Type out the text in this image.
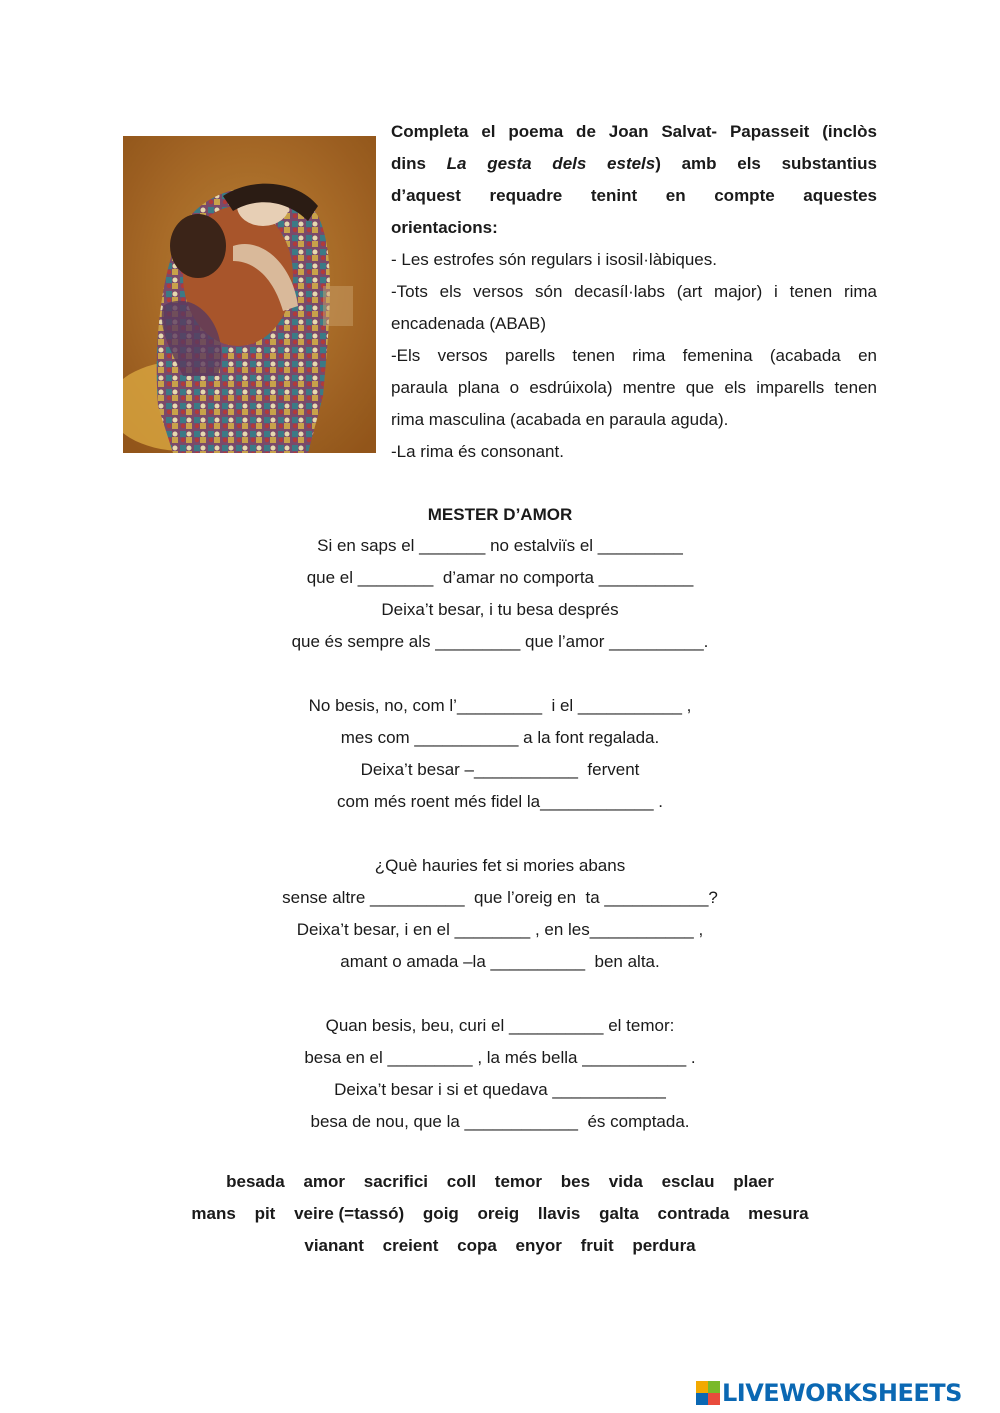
Completa el poema de Joan Salvat- Papasseit (inclòs

dins La gesta dels estels) amb els substantius

d’aquest requadre tenint en compte aquestes

orientacions:

- Les estrofes són regulars i isosil·làbiques.

-Tots els versos són decasíl·labs (art major) i tenen rima

encadenada (ABAB)

-Els versos parells tenen rima femenina (acabada en

paraula plana o esdrúixola) mentre que els imparells tenen

rima masculina (acabada en paraula aguda).

-La rima és consonant.

MESTER D’AMOR
Si en saps el _______ no estalviïs el _________
que el ________  d’amar no comporta __________
Deixa’t besar, i tu besa després
que és sempre als _________ que l’amor __________.
No besis, no, com l’_________  i el ___________ ,
mes com ___________ a la font regalada.
Deixa’t besar –___________  fervent
com més roent més fidel la____________ .
¿Què hauries fet si mories abans
sense altre __________  que l’oreig en  ta ___________?
Deixa’t besar, i en el ________ , en les___________ ,
amant o amada –la __________  ben alta.
Quan besis, beu, curi el __________ el temor:
besa en el _________ , la més bella ___________ .
Deixa’t besar i si et quedava ____________
besa de nou, que la ____________  és comptada.
besada amor sacrifici coll temor bes vida esclau plaer
mans pit veire (=tassó) goig oreig llavis galta contrada mesura
vianant creient copa enyor fruit perdura
LIVEWORKSHEETS
